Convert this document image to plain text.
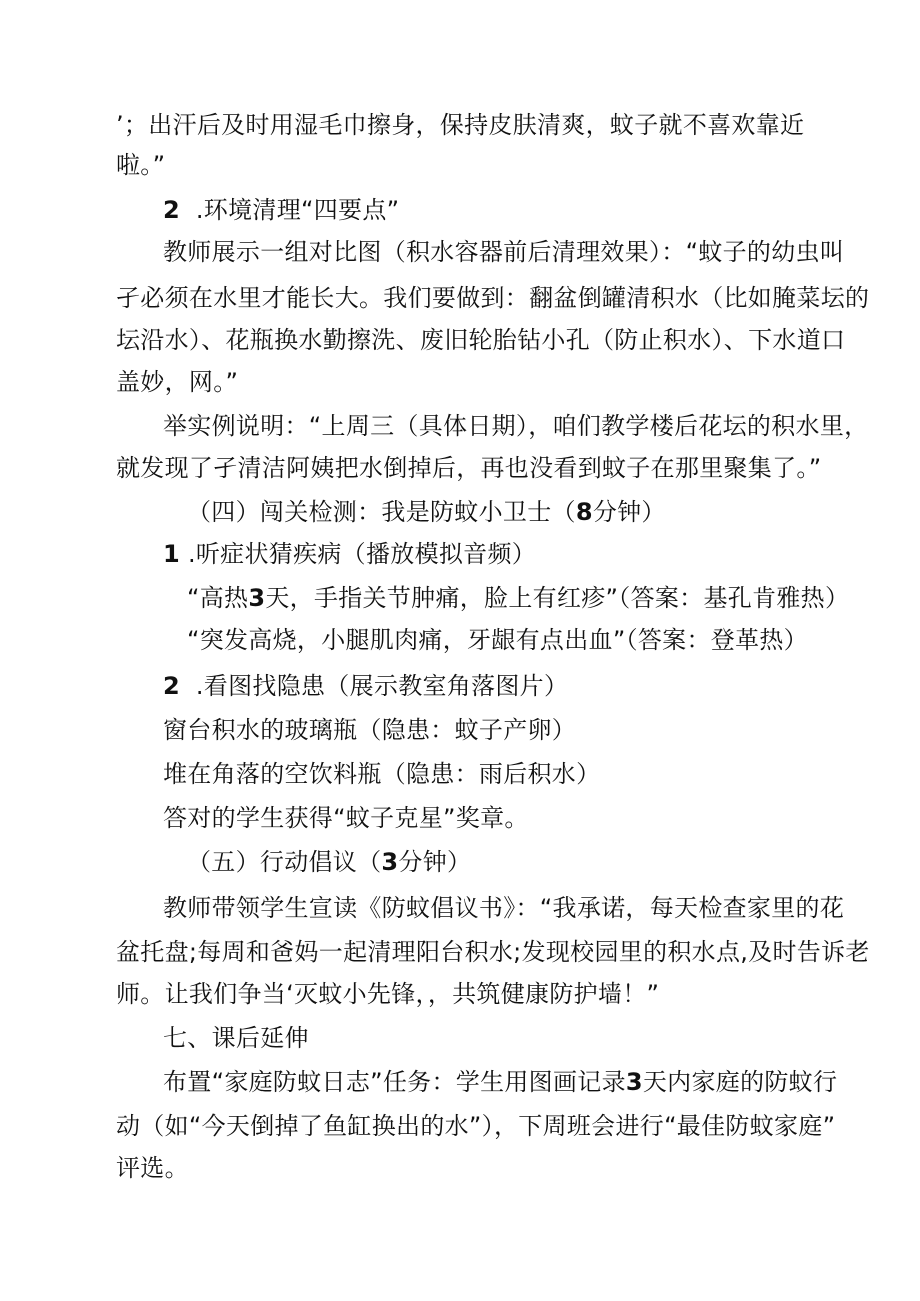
’；出汗后及时用湿毛巾擦身，保持皮肤清爽，蚊子就不喜欢靠近
啦。”
2 .环境清理“四要点”
教师展示一组对比图（积水容器前后清理效果）：“蚊子的幼虫叫
孑必须在水里才能长大。我们要做到：翻盆倒罐清积水（比如腌菜坛的
坛沿水）、花瓶换水勤擦洗、废旧轮胎钻小孔（防止积水）、下水道口
盖妙，网。”
举实例说明：“上周三（具体日期），咱们教学楼后花坛的积水里，
就发现了孑清洁阿姨把水倒掉后，再也没看到蚊子在那里聚集了。”
（四）闯关检测：我是防蚊小卫士（8分钟）
1 .听症状猜疾病（播放模拟音频）
“高热3天，手指关节肿痛，脸上有红疹”（答案：基孔肯雅热）
“突发高烧，小腿肌肉痛，牙龈有点出血”（答案：登革热）
2 .看图找隐患（展示教室角落图片）
窗台积水的玻璃瓶（隐患：蚊子产卵）
堆在角落的空饮料瓶（隐患：雨后积水）
答对的学生获得“蚊子克星”奖章。
（五）行动倡议（3分钟）
教师带领学生宣读《防蚊倡议书》：“我承诺，每天检查家里的花
盆托盘;每周和爸妈一起清理阳台积水;发现校园里的积水点,及时告诉老
师。让我们争当‘灭蚊小先锋，，共筑健康防护墙！”
七、课后延伸
布置“家庭防蚊日志”任务：学生用图画记录3天内家庭的防蚊行
动（如“今天倒掉了鱼缸换出的水”），下周班会进行“最佳防蚊家庭”
评选。
